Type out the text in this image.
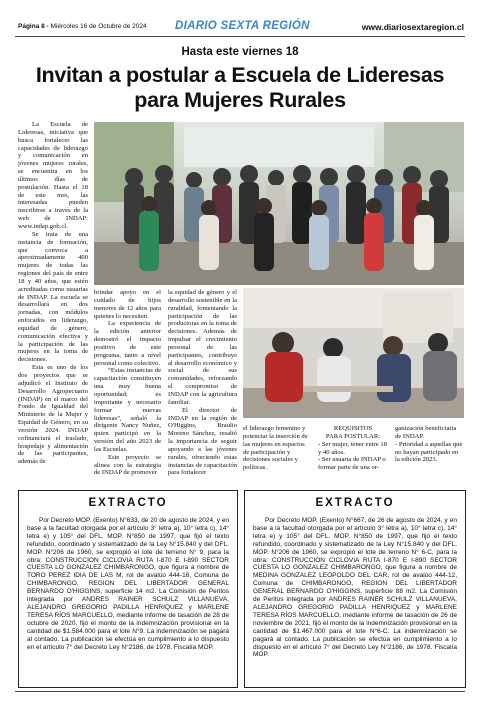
Página 8 - Miércoles 16 de Octubre de 2024 DIARIO SEXTA REGIÓN	www.diariosextaregion.cl
Hasta este viernes 18
Invitan a postular a Escuela de Lideresas
para Mujeres Rurales

La Escuela de Lideresas, iniciativa que busca fortalecer las capacidades de liderazgo y comunicación en jóvenes mujeres rurales, se encuentra en los últimos días de postulación. Hasta el 18 de este mes, las interesadas pueden inscribirse a través de la web de INDAP: www.indap.gob.cl.

Se trata de una instancia de formación, que convoca a aproximadamente 400 mujeres de todas las regiones del país de entre 18 y 40 años, que estén acreditadas como usuarias de INDAP. La escuela se desarrollará en dos jornadas, con módulos enfocados en liderazgo, equidad de género, comunicación efectiva y la participación de las mujeres en la toma de decisiones.

Esta es uno de los dos proyectos que se adjudicó el Instituto de Desarrollo Agropecuario (INDAP) en el marco del Fondo de Igualdad del Ministerio de la Mujer y Equidad de Género, en su versión 2024. INDAP cofinanciará el traslado, hospedaje y alimentación de las participantes, además de

brindar apoyo en el cuidado de hijos menores de 12 años para quienes lo necesiten.

La experiencia de la edición anterior demostró el impacto positivo de este programa, tanto a nivel personal como colectivo.

“Estas instancias de capacitación constituyen una muy buena oportunidad; es importante y necesario formar nuevas lideresas”, señaló la dirigente Nancy Nuñez, quien participó en la versión del año 2023 de las Escuelas.

Este proyecto se alinea con la estrategia de INDAP de promover

la equidad de género y el desarrollo sostenible en la ruralidad, fomentando la participación de las productoras en la toma de decisiones. Además de impulsar el crecimiento personal de las participantes, contribuye al desarrollo económico y social de sus comunidades, reforzando el compromiso de INDAP con la agricultura familiar.

El director de INDAP en la región de O'Higgins, Braulio Moreno Sánchez, resaltó la importancia de seguir apoyando a las jóvenes rurales, ofreciendo estas instancias de capacitación para fortalecer

el liderazgo femenino y potenciar la inserción de las mujeres en espacios de participación y decisiones sociales y políticas.

REQUISITOS
PARA POSTULAR:
- Ser mujer, tener entre 18 y 40 años.
- Ser usuaria de INDAP o formar parte de una or-
ganización beneficiaria de INDAP.
- Prioridad a aquellas que no hayan participado en la edición 2023.
EXTRACTO

Por Decreto MOP. (Exento) N°633, de 20 de agosto de 2024, y en base a la facultad otorgada por el artículo 3° letra a), 10° letra c), 14° letra e) y 105° del DFL. MOP. N°850 de 1997, que fijó el texto refundido, coordinado y sistematizado de la Ley N°15.840 y del DFL. MOP. N°206 de 1960, se expropió el lote de terreno N° 9, para la obra: CONSTRUCCION CICLOVIA RUTA I-870 E I-890 SECTOR CUESTA LO GONZALEZ CHIMBARONGO, que figura a nombre de TORO PEREZ IDIA DE LAS M, rol de avalúo 444-16, Comuna de CHIMBARONGO, REGION DEL LIBERTADOR GENERAL BERNARDO O'HIGGINS, superficie 14 m2. La Comisión de Peritos integrada por ANDRES RAINER SCHULZ VILLANUEVA, ALEJANDRO GREGORIO PADILLA HENRIQUEZ y MARLENE TERESA RÍOS MARCUELLO, mediante informe de tasación de 28 de octubre de 2020, fijó el monto de la indemnización provisional en la cantidad de $1.584.000 para el lote N°9. La indemnización se pagará al contado. La publicación se efectúa en cumplimiento a lo dispuesto en el artículo 7° del Decreto Ley N°2186, de 1978. Fiscalía MOP.

EXTRACTO

Por Decreto MOP. (Exento) N°667, de 26 de agosto de 2024, y en base a la facultad otorgada por el artículo 3° letra a), 10° letra c), 14° letra e) y 105° del DFL. MOP. N°850 de 1997, que fijó el texto refundido, coordinado y sistematizado de la Ley N°15.840 y del DFL. MOP. N°206 de 1960, se expropió el lote de terreno N° 6-C, para la obra: CONSTRUCCION CICLOVIA RUTA I-870 E I-890 SECTOR CUESTA LO GONZALEZ CHIMBARONGO, que figura a nombre de MEDINA GONZALEZ LEOPOLDO DEL CAR, rol de avalúo 444-12, Comuna de CHIMBARONGO, REGION DEL LIBERTADOR GENERAL BERNARDO O'HIGGINS, superficie 88 m2. La Comisión de Peritos integrada por ANDRES RAINER SCHULZ VILLANUEVA, ALEJANDRO GREGORIO PADILLA HENRIQUEZ y MARLENE TERESA RÍOS MARCUELLO, mediante informe de tasación de 26 de noviembre de 2021, fijó el monto de la indemnización provisional en la cantidad de $1.467.000 para el lote N°6-C. La indemnización se pagará al contado. La publicación se efectúa en cumplimiento a lo dispuesto en el artículo 7° del Decreto Ley N°2186, de 1978. Fiscalía MOP.
